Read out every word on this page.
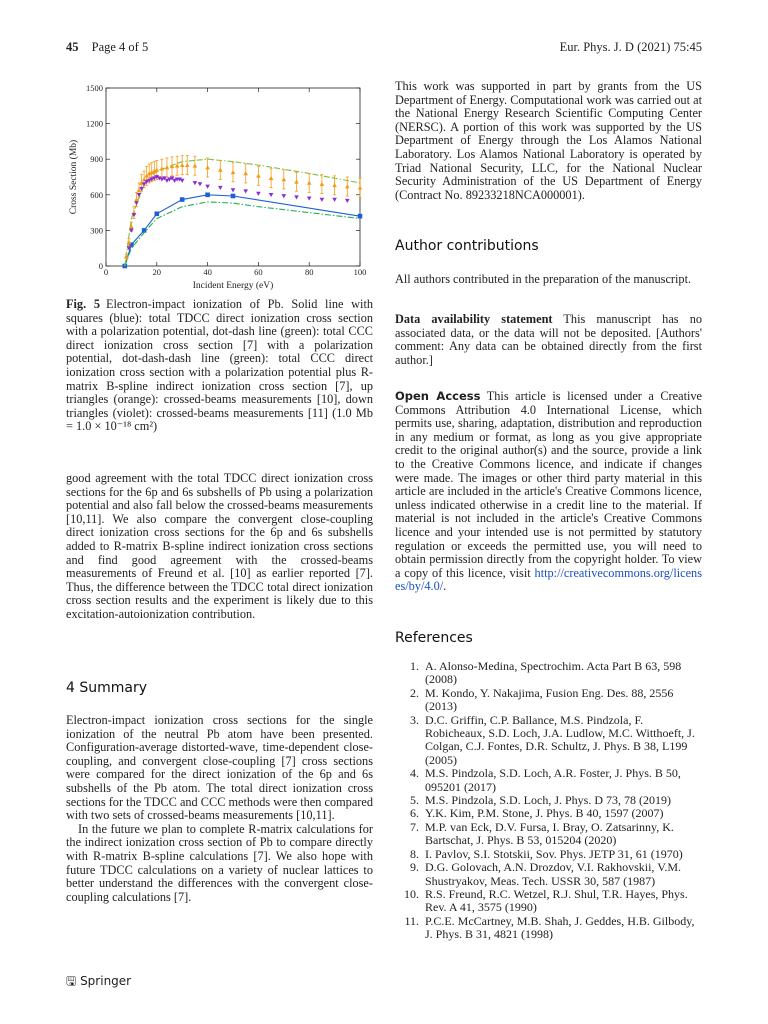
45 Page 4 of 5	Eur. Phys. J. D (2021) 75:45
0	20	40	60	80	100
0
300
600
900
1200
1500
Incident Energy (eV)
Cross Section (Mb)
Fig. 5 Electron-impact ionization of Pb. Solid line with squares (blue): total TDCC direct ionization cross section with a polarization potential, dot-dash line (green): total CCC direct ionization cross section [7] with a polarization potential, dot-dash-dash line (green): total CCC direct ionization cross section with a polarization potential plus R-matrix B-spline indirect ionization cross section [7], up triangles (orange): crossed-beams measurements [10], down triangles (violet): crossed-beams measurements [11] (1.0 Mb = 1.0 × 10⁻¹⁸ cm²)
good agreement with the total TDCC direct ionization cross sections for the 6p and 6s subshells of Pb using a polarization potential and also fall below the crossed-beams measurements [10,11]. We also compare the convergent close-coupling direct ionization cross sections for the 6p and 6s subshells added to R-matrix B-spline indirect ionization cross sections and find good agreement with the crossed-beams measurements of Freund et al. [10] as earlier reported [7]. Thus, the difference between the TDCC total direct ionization cross section results and the experiment is likely due to this excitation-autoionization contribution.
4 Summary

Electron-impact ionization cross sections for the single ionization of the neutral Pb atom have been presented. Configuration-average distorted-wave, time-dependent close-coupling, and convergent close-coupling [7] cross sections were compared for the direct ionization of the 6p and 6s subshells of the Pb atom. The total direct ionization cross sections for the TDCC and CCC methods were then compared with two sets of crossed-beams measurements [10,11].

In the future we plan to complete R-matrix calculations for the indirect ionization cross section of Pb to compare directly with R-matrix B-spline calculations [7]. We also hope with future TDCC calculations on a variety of nuclear lattices to better understand the differences with the convergent close-coupling calculations [7].

This work was supported in part by grants from the US Department of Energy. Computational work was carried out at the National Energy Research Scientific Computing Center (NERSC). A portion of this work was supported by the US Department of Energy through the Los Alamos National Laboratory. Los Alamos National Laboratory is operated by Triad National Security, LLC, for the National Nuclear Security Administration of the US Department of Energy (Contract No. 89233218NCA000001).
Author contributions
All authors contributed in the preparation of the manuscript.
Data availability statement This manuscript has no associated data, or the data will not be deposited. [Authors' comment: Any data can be obtained directly from the first author.]
Open Access This article is licensed under a Creative Commons Attribution 4.0 International License, which permits use, sharing, adaptation, distribution and reproduction in any medium or format, as long as you give appropriate credit to the original author(s) and the source, provide a link to the Creative Commons licence, and indicate if changes were made. The images or other third party material in this article are included in the article's Creative Commons licence, unless indicated otherwise in a credit line to the material. If material is not included in the article's Creative Commons licence and your intended use is not permitted by statutory regulation or exceeds the permitted use, you will need to obtain permission directly from the copyright holder. To view a copy of this licence, visit http://creativecommons.org/licenses/by/4.0/.
References
1. A. Alonso-Medina, Spectrochim. Acta Part B 63, 598 (2008)
2. M. Kondo, Y. Nakajima, Fusion Eng. Des. 88, 2556 (2013)
3. D.C. Griffin, C.P. Ballance, M.S. Pindzola, F. Robicheaux, S.D. Loch, J.A. Ludlow, M.C. Witthoeft, J. Colgan, C.J. Fontes, D.R. Schultz, J. Phys. B 38, L199 (2005)
4. M.S. Pindzola, S.D. Loch, A.R. Foster, J. Phys. B 50, 095201 (2017)
5. M.S. Pindzola, S.D. Loch, J. Phys. D 73, 78 (2019)
6. Y.K. Kim, P.M. Stone, J. Phys. B 40, 1597 (2007)
7. M.P. van Eck, D.V. Fursa, I. Bray, O. Zatsarinny, K. Bartschat, J. Phys. B 53, 015204 (2020)
8. I. Pavlov, S.I. Stotskii, Sov. Phys. JETP 31, 61 (1970)
9. D.G. Golovach, A.N. Drozdov, V.I. Rakhovskii, V.M. Shustryakov, Meas. Tech. USSR 30, 587 (1987)
10. R.S. Freund, R.C. Wetzel, R.J. Shul, T.R. Hayes, Phys. Rev. A 41, 3575 (1990)
11. P.C.E. McCartney, M.B. Shah, J. Geddes, H.B. Gilbody, J. Phys. B 31, 4821 (1998)
🖫 Springer
